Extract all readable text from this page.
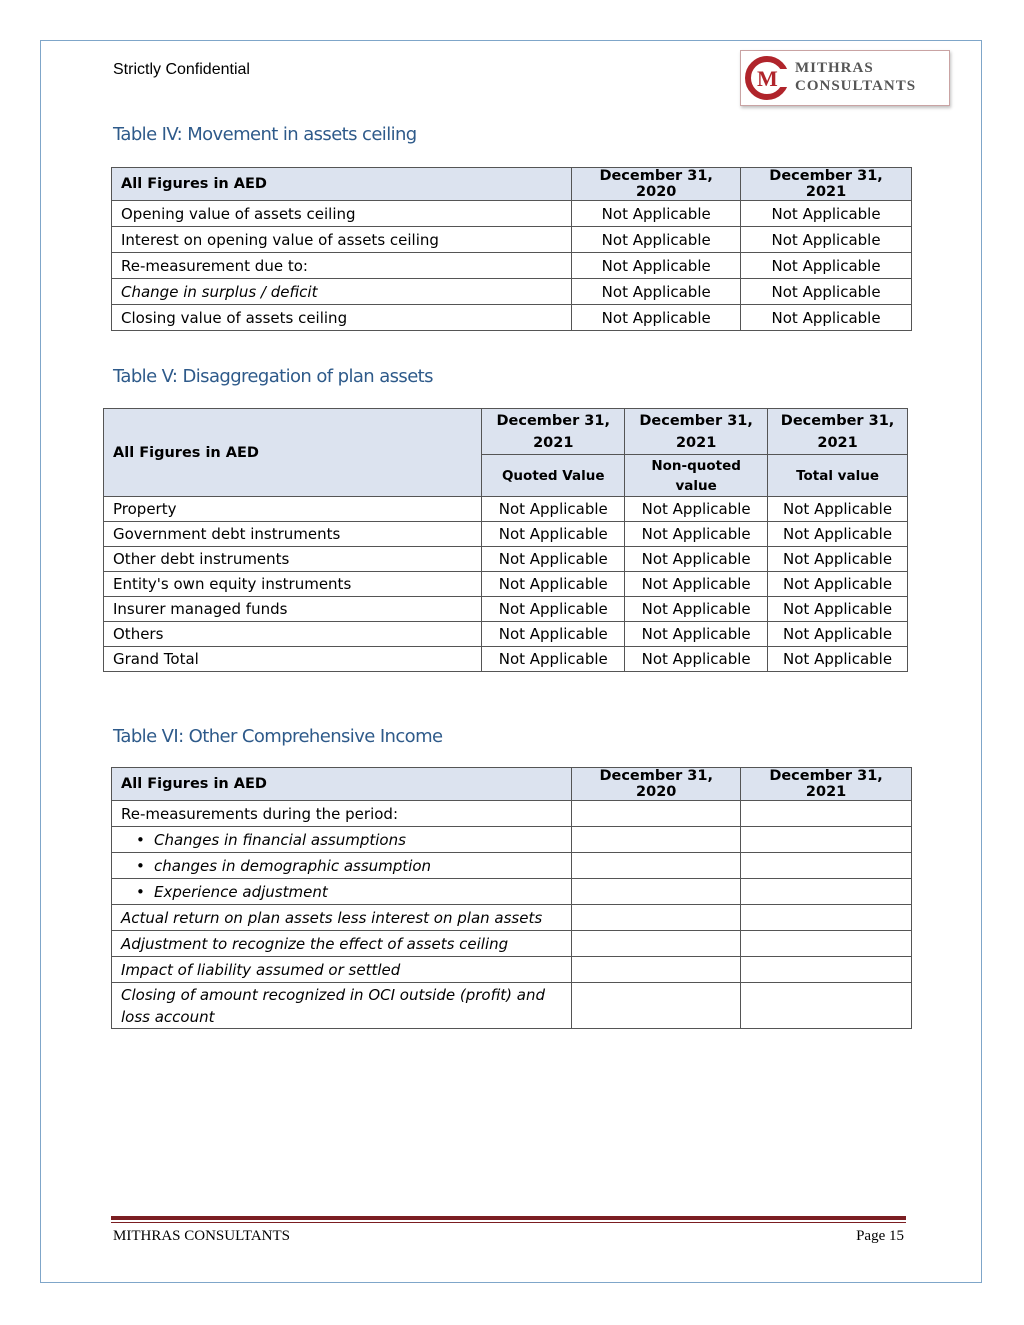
Strictly Confidential	M MITHRAS
CONSULTANTS
Table IV: Movement in assets ceiling
All Figures in AED	December 31, 2020	December 31, 2021
Opening value of assets ceiling	Not Applicable	Not Applicable
Interest on opening value of assets ceiling	Not Applicable	Not Applicable
Re-measurement due to:	Not Applicable	Not Applicable
Change in surplus / deficit	Not Applicable	Not Applicable
Closing value of assets ceiling	Not Applicable	Not Applicable
Table V: Disaggregation of plan assets
All Figures in AED	December 31, 2021	December 31, 2021	December 31, 2021
	Quoted Value	Non-quoted value	Total value
Property	Not Applicable	Not Applicable	Not Applicable
Government debt instruments	Not Applicable	Not Applicable	Not Applicable
Other debt instruments	Not Applicable	Not Applicable	Not Applicable
Entity's own equity instruments	Not Applicable	Not Applicable	Not Applicable
Insurer managed funds	Not Applicable	Not Applicable	Not Applicable
Others	Not Applicable	Not Applicable	Not Applicable
Grand Total	Not Applicable	Not Applicable	Not Applicable
Table VI: Other Comprehensive Income
All Figures in AED	December 31, 2020	December 31, 2021
Re-measurements during the period:		
• Changes in financial assumptions		
• changes in demographic assumption		
• Experience adjustment		
Actual return on plan assets less interest on plan assets		
Adjustment to recognize the effect of assets ceiling		
Impact of liability assumed or settled		
Closing of amount recognized in OCI outside (profit) and loss account		
MITHRAS CONSULTANTS	Page 15
